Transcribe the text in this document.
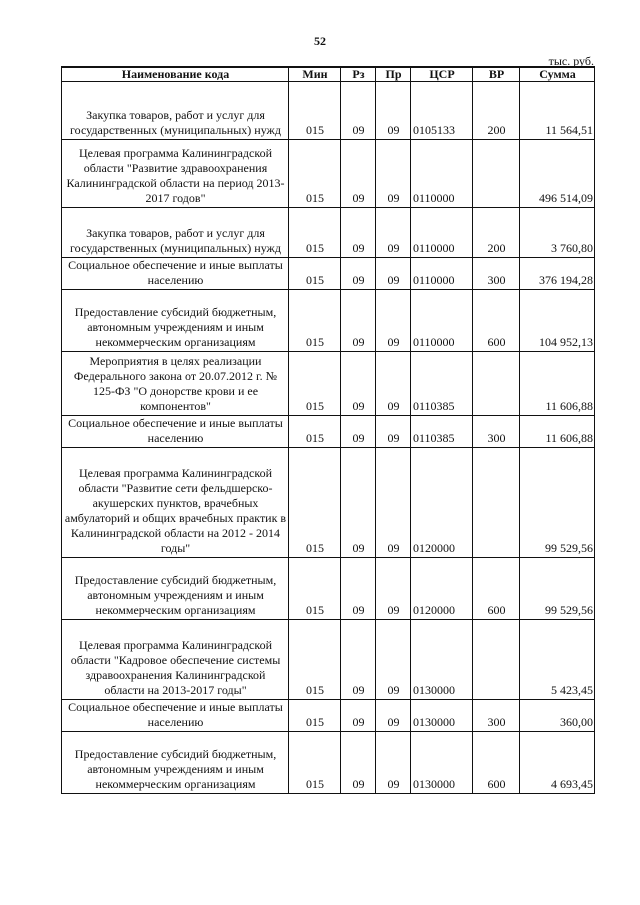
52
тыс. руб.
Наименование кода	Мин	Рз	Пр	ЦСР	ВР	Сумма
Закупка товаров, работ и услуг для государственных (муниципальных) нужд	015	09	09	0105133	200	11 564,51
Целевая программа Калининградской области "Развитие здравоохранения Калининградской области на период 2013-2017 годов"	015	09	09	0110000		496 514,09
Закупка товаров, работ и услуг для государственных (муниципальных) нужд	015	09	09	0110000	200	3 760,80
Социальное обеспечение и иные выплаты населению	015	09	09	0110000	300	376 194,28
Предоставление субсидий бюджетным, автономным учреждениям и иным некоммерческим организациям	015	09	09	0110000	600	104 952,13
Мероприятия в целях реализации Федерального закона от 20.07.2012 г. № 125-ФЗ "О донорстве крови и ее компонентов"	015	09	09	0110385		11 606,88
Социальное обеспечение и иные выплаты населению	015	09	09	0110385	300	11 606,88
Целевая программа Калининградской области "Развитие сети фельдшерско-акушерских пунктов, врачебных амбулаторий и общих врачебных практик в Калининградской области на 2012 - 2014 годы"	015	09	09	0120000		99 529,56
Предоставление субсидий бюджетным, автономным учреждениям и иным некоммерческим организациям	015	09	09	0120000	600	99 529,56
Целевая программа Калининградской области "Кадровое обеспечение системы здравоохранения Калининградской области на 2013-2017 годы"	015	09	09	0130000		5 423,45
Социальное обеспечение и иные выплаты населению	015	09	09	0130000	300	360,00
Предоставление субсидий бюджетным, автономным учреждениям и иным некоммерческим организациям	015	09	09	0130000	600	4 693,45
